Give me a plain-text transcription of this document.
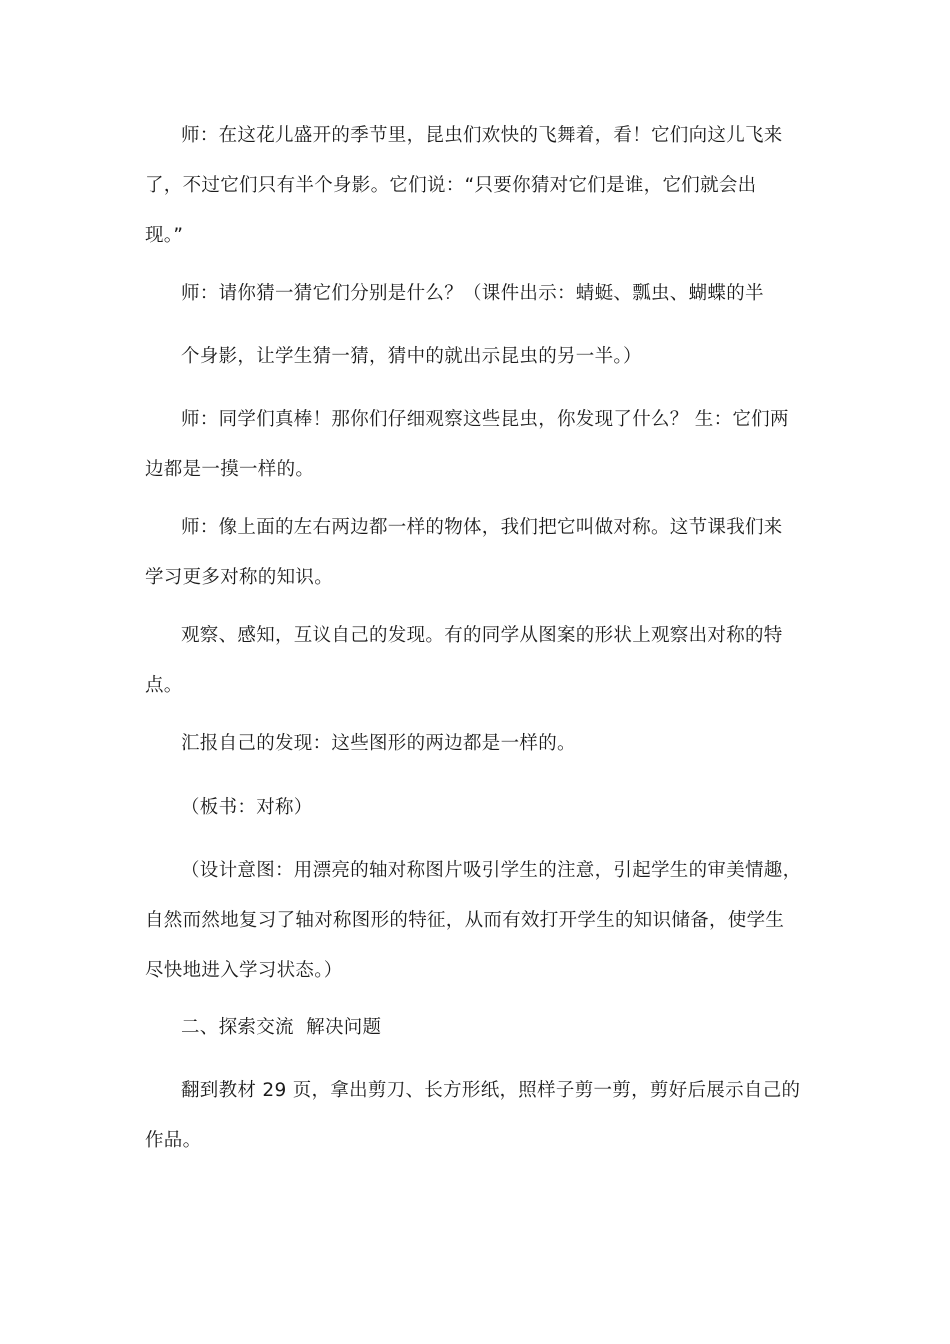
师：在这花儿盛开的季节里，昆虫们欢快的飞舞着，看！它们向这儿飞来
了，不过它们只有半个身影。它们说：“只要你猜对它们是谁，它们就会出
现。”
师：请你猜一猜它们分别是什么？（课件出示：蜻蜓、瓢虫、蝴蝶的半
个身影，让学生猜一猜，猜中的就出示昆虫的另一半。）
师：同学们真棒！那你们仔细观察这些昆虫，你发现了什么？ 生：它们两
边都是一摸一样的。
师：像上面的左右两边都一样的物体，我们把它叫做对称。这节课我们来
学习更多对称的知识。
观察、感知，互议自己的发现。有的同学从图案的形状上观察出对称的特
点。
汇报自己的发现：这些图形的两边都是一样的。
（板书：对称）
（设计意图：用漂亮的轴对称图片吸引学生的注意，引起学生的审美情趣，
自然而然地复习了轴对称图形的特征，从而有效打开学生的知识储备，使学生
尽快地进入学习状态。）
二、探索交流  解决问题
翻到教材 29 页，拿出剪刀、长方形纸，照样子剪一剪，剪好后展示自己的
作品。
